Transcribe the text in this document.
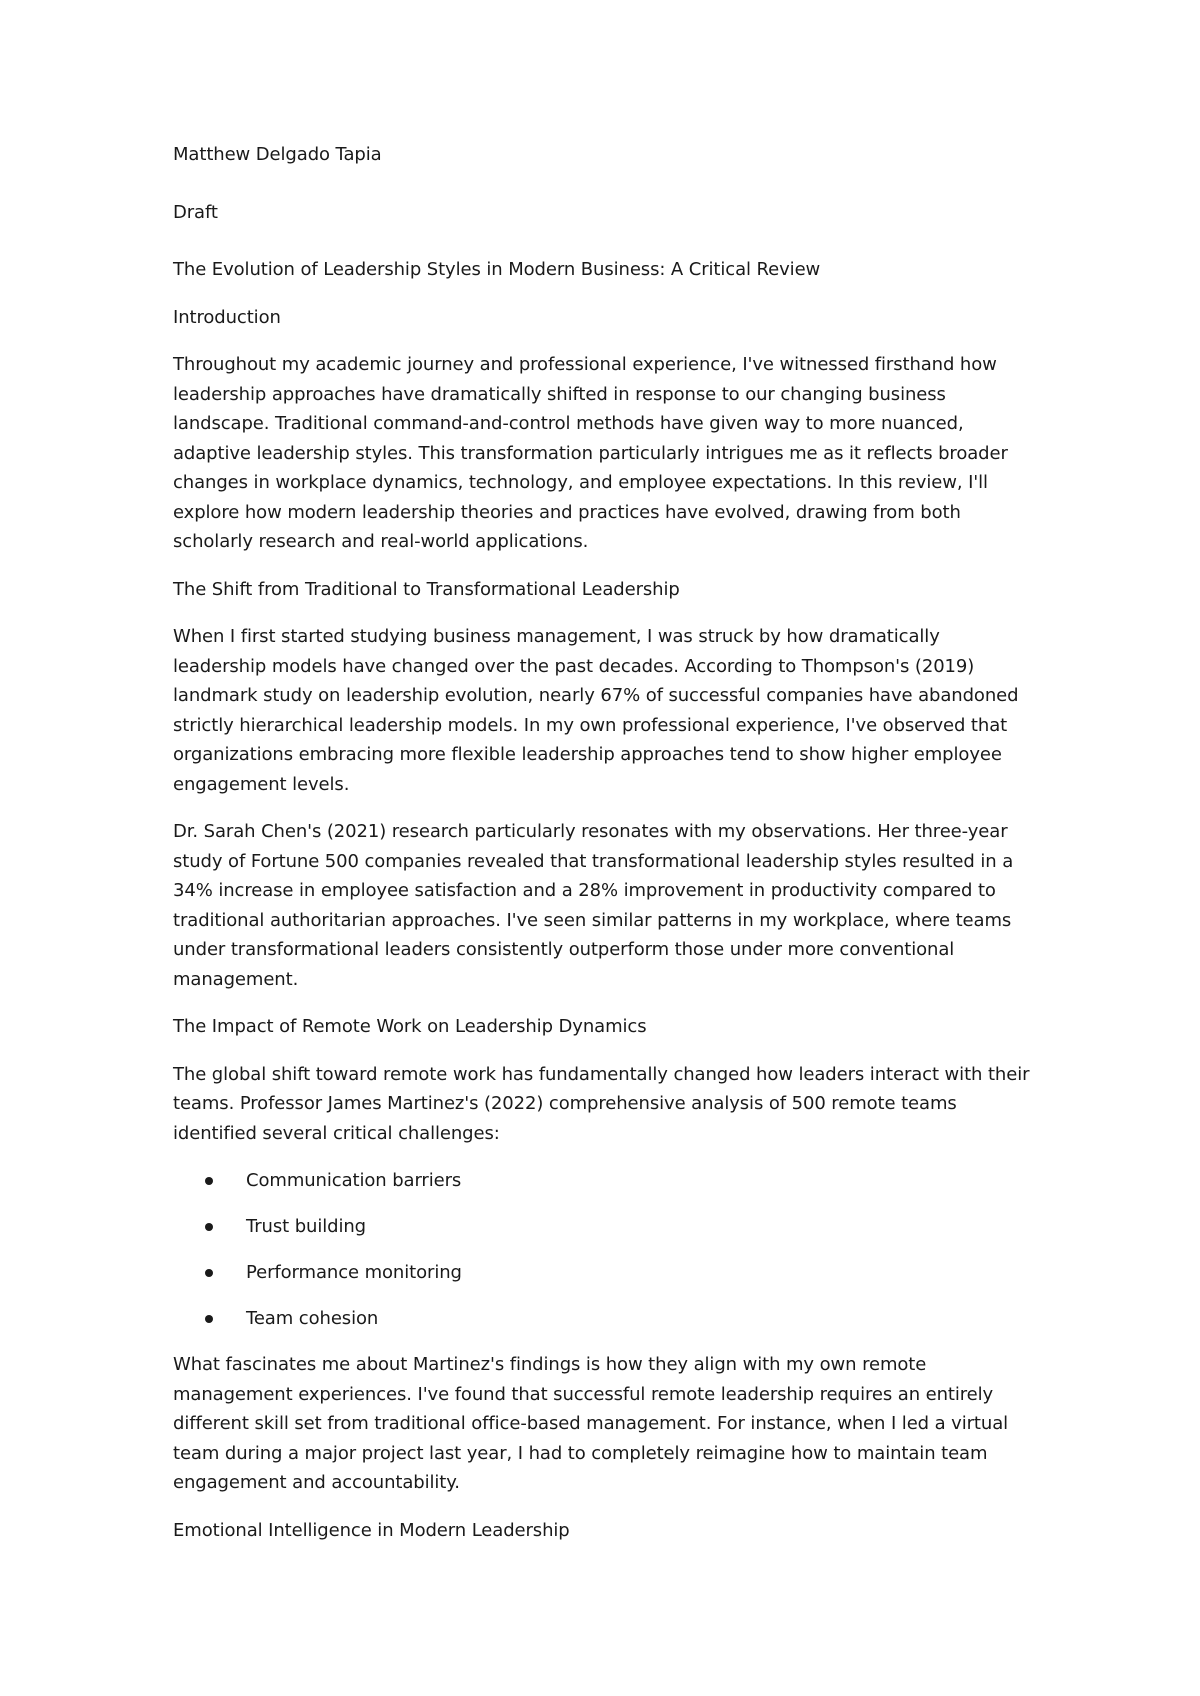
Matthew Delgado Tapia

Draft

The Evolution of Leadership Styles in Modern Business: A Critical Review

Introduction

Throughout my academic journey and professional experience, I've witnessed firsthand how leadership approaches have dramatically shifted in response to our changing business landscape. Traditional command-and-control methods have given way to more nuanced, adaptive leadership styles. This transformation particularly intrigues me as it reflects broader changes in workplace dynamics, technology, and employee expectations. In this review, I'll explore how modern leadership theories and practices have evolved, drawing from both scholarly research and real-world applications.

The Shift from Traditional to Transformational Leadership

When I first started studying business management, I was struck by how dramatically leadership models have changed over the past decades. According to Thompson's (2019) landmark study on leadership evolution, nearly 67% of successful companies have abandoned strictly hierarchical leadership models. In my own professional experience, I've observed that organizations embracing more flexible leadership approaches tend to show higher employee engagement levels.

Dr. Sarah Chen's (2021) research particularly resonates with my observations. Her three-year study of Fortune 500 companies revealed that transformational leadership styles resulted in a 34% increase in employee satisfaction and a 28% improvement in productivity compared to traditional authoritarian approaches. I've seen similar patterns in my workplace, where teams under transformational leaders consistently outperform those under more conventional management.

The Impact of Remote Work on Leadership Dynamics

The global shift toward remote work has fundamentally changed how leaders interact with their teams. Professor James Martinez's (2022) comprehensive analysis of 500 remote teams identified several critical challenges:

Communication barriers
Trust building
Performance monitoring
Team cohesion

What fascinates me about Martinez's findings is how they align with my own remote management experiences. I've found that successful remote leadership requires an entirely different skill set from traditional office-based management. For instance, when I led a virtual team during a major project last year, I had to completely reimagine how to maintain team engagement and accountability.

Emotional Intelligence in Modern Leadership
